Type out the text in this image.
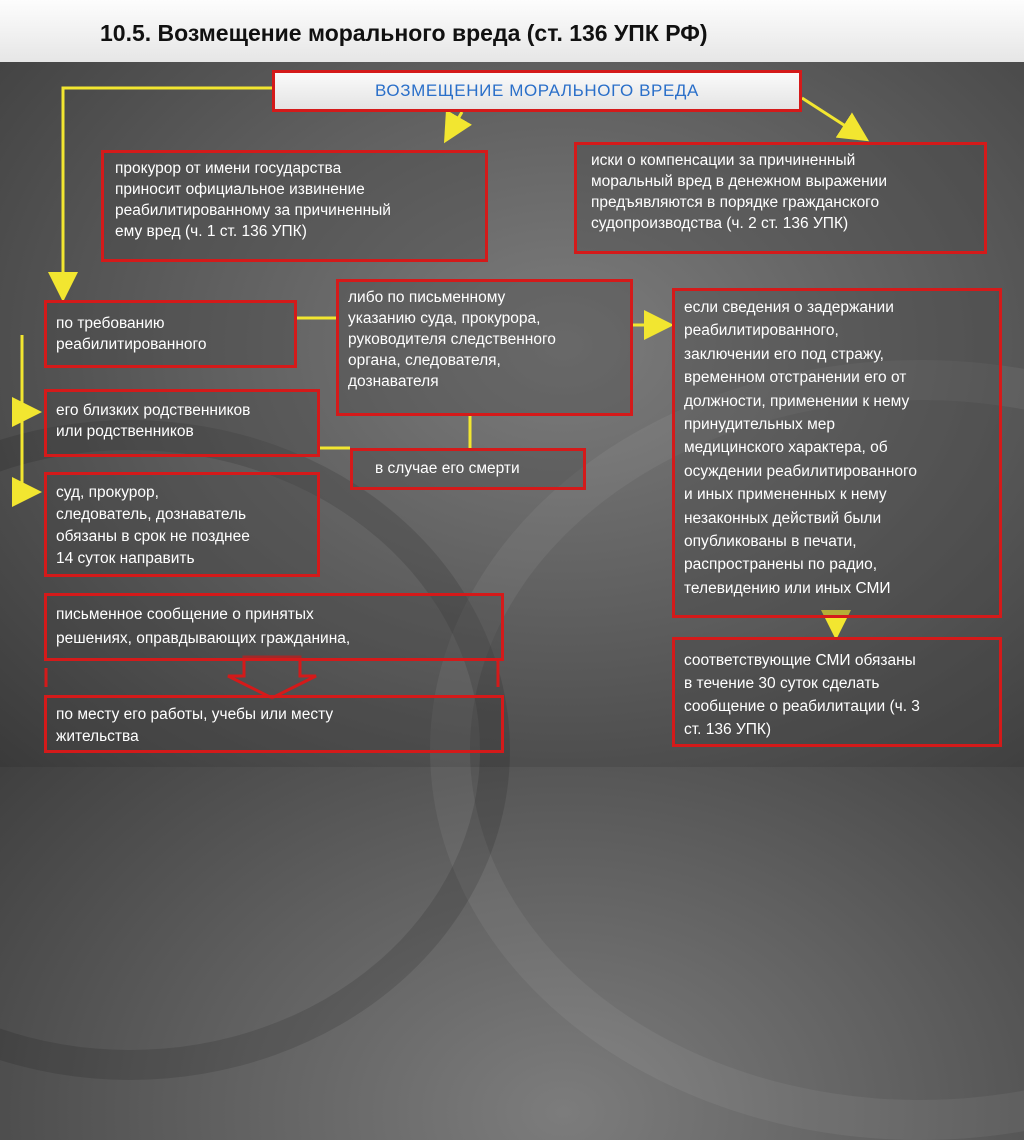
10.5. Возмещение морального вреда (ст. 136 УПК РФ)
ВОЗМЕЩЕНИЕ МОРАЛЬНОГО ВРЕДА
прокурор от имени государства
приносит официальное извинение
реабилитированному за причиненный
ему вред (ч. 1 ст. 136 УПК)
иски о компенсации за причиненный
моральный вред в денежном выражении
предъявляются в порядке гражданского
судопроизводства (ч. 2 ст. 136 УПК)
по требованию
реабилитированного
либо по письменному
указанию суда, прокурора,
руководителя следственного
органа, следователя,
дознавателя
если сведения о задержании
реабилитированного,
заключении его под стражу,
временном отстранении его от
должности, применении к нему
принудительных мер
медицинского характера, об
осуждении реабилитированного
и иных примененных к нему
незаконных действий были
опубликованы в печати,
распространены по радио,
телевидению или иных СМИ
его близких родственников
или родственников
в случае его смерти
суд, прокурор,
следователь, дознаватель
обязаны в срок не позднее
14 суток направить
письменное сообщение о принятых
решениях, оправдывающих гражданина,
соответствующие СМИ обязаны
в течение 30 суток сделать
сообщение о реабилитации (ч. 3
ст. 136 УПК)
по месту его работы, учебы или месту
жительства
